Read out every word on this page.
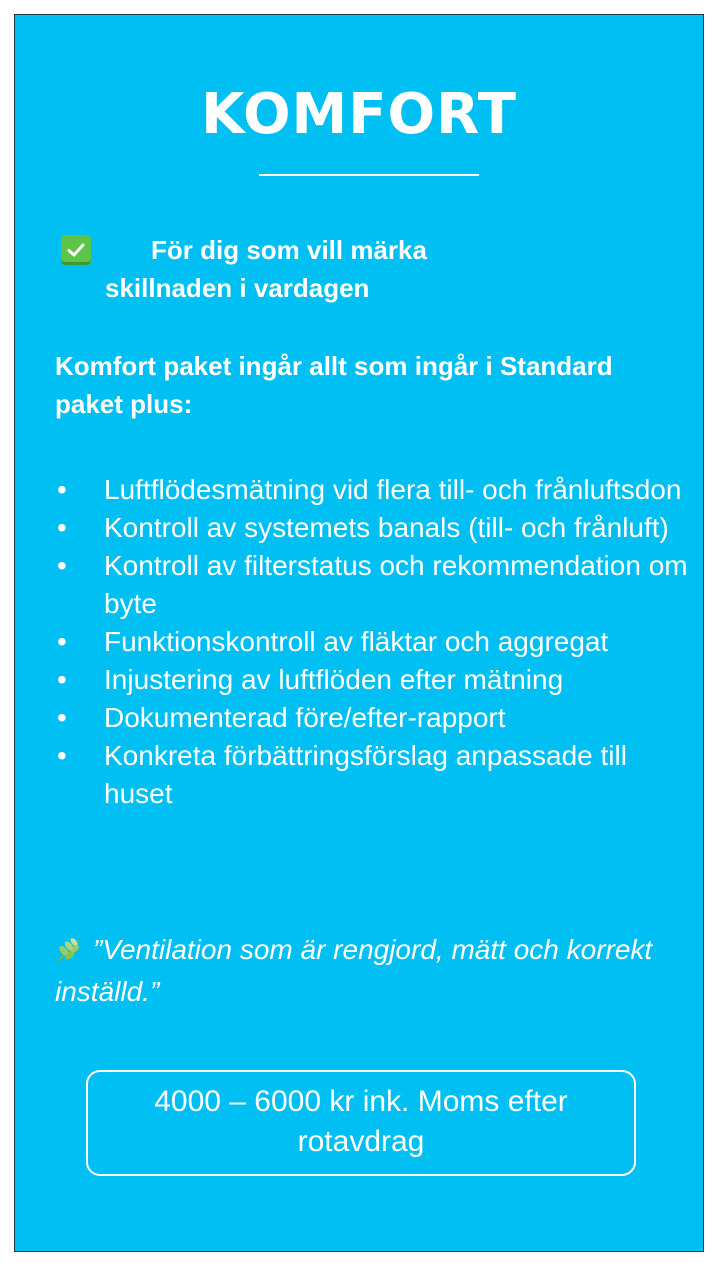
KOMFORT
För dig som vill märka
skillnaden i vardagen

Komfort paket ingår allt som ingår i Standard paket plus:

• Luftflödesmätning vid flera till- och frånluftsdon
• Kontroll av systemets banals (till- och frånluft)
• Kontroll av filterstatus och rekommendation om byte
• Funktionskontroll av fläktar och aggregat
• Injustering av luftflöden efter mätning
• Dokumenterad före/efter-rapport
• Konkreta förbättringsförslag anpassade till huset

”Ventilation som är rengjord, mätt och korrekt inställd.”

4000 – 6000 kr ink. Moms efter rotavdrag
